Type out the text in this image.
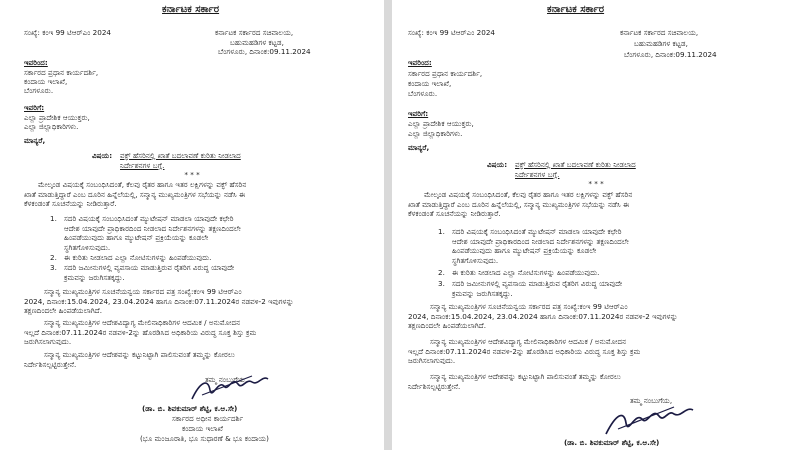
ಕರ್ನಾಟಕ ಸರ್ಕಾರ
ಸಂಖ್ಯೆ: ಕಂಇ 99 ಟಿಆರ್‌ಎಂ 2024	ಕರ್ನಾಟಕ ಸರ್ಕಾರದ ಸಚಿವಾಲಯ,
ಬಹುಮಹಡಿಗಳ ಕಟ್ಟಡ,
ಬೆಂಗಳೂರು, ದಿನಾಂಕ:09.11.2024
ಇವರಿಂದ:
ಸರ್ಕಾರದ ಪ್ರಧಾನ ಕಾರ್ಯದರ್ಶಿ,
ಕಂದಾಯ ಇಲಾಖೆ,
ಬೆಂಗಳೂರು.
ಇವರಿಗೆ:
ಎಲ್ಲಾ ಪ್ರಾದೇಶಿಕ ಆಯುಕ್ತರು,
ಎಲ್ಲಾ ಜಿಲ್ಲಾಧಿಕಾರಿಗಳು.
ಮಾನ್ಯರೆ,
ವಿಷಯ: ವಕ್ಫ್ ಹೆಸರಿನಲ್ಲಿ ಖಾತೆ ಬದಲಾವಣೆ ಕುರಿತು ನೀಡಲಾದ
ನಿರ್ದೇಶನಗಳ ಬಗ್ಗೆ.
* * *
ಮೇಲ್ಕಂಡ ವಿಷಯಕ್ಕೆ ಸಂಬಂಧಿಸಿದಂತೆ, ಕೆಲವು ರೈತರ ಹಾಗೂ ಇತರ ಲಕ್ಷಿಗಳನ್ನು ವಕ್ಫ್ ಹೆಸರಿನ
ಖಾತೆ ಮಾಡುತ್ತಿದ್ದಾರೆ ಎಂಬ ದೂರಿನ ಹಿನ್ನೆಲೆಯಲ್ಲಿ, ಸನ್ಮಾನ್ಯ ಮುಖ್ಯಮಂತ್ರಿಗಳ ಸಭೆಯನ್ನು ನಡೆಸಿ ಈ
ಕೆಳಕಂಡಂತೆ ಸೂಚನೆಯನ್ನು ನೀಡಿರುತ್ತಾರೆ.
1. ಸದರಿ ವಿಷಯಕ್ಕೆ ಸಂಬಂಧಿಸಿದಂತೆ ಮ್ಯುಟೇಷನ್ ಮಾಡಲಾ ಯಾವುದೇ ಕಛೇರಿ
ಆದೇಶ ಯಾವುದೇ ಪ್ರಾಧಿಕಾರದಿಂದ ನೀಡಲಾದ ನಿರ್ದೇಶನಗಳನ್ನು ತಕ್ಷಣದಿಂದಲೇ
ಹಿಂಪಡೆಯುವುದು ಹಾಗೂ ಮ್ಯುಟೇಷನ್ ಪ್ರಕ್ರಿಯೆಯನ್ನು ಕೂಡಲೇ
ಸ್ಥಗಿತಗೊಳಿಸುವುದು.
2. ಈ ಕುರಿತು ನೀಡಲಾದ ಎಲ್ಲಾ ನೋಟಿಸುಗಳನ್ನು ಹಿಂಪಡೆಯುವುದು.
3. ಸದರಿ ಜಮೀನುಗಳಲ್ಲಿ ವ್ಯವಸಾಯ ಮಾಡುತ್ತಿರುವ ರೈತರಿಗ ವಿರುದ್ಧ ಯಾವುದೇ
ಕ್ರಮವನ್ನು ಜರುಗಿಸತಕ್ಕದ್ದು.
ಸನ್ಮಾನ್ಯ ಮುಖ್ಯಮಂತ್ರಿಗಳ ಸೂಚನೆಯನ್ವಯ ಸರ್ಕಾರದ ಪತ್ರ ಸಂಖ್ಯೆ:ಕಂಇ 99 ಟಿಆರ್‌ಎಂ
2024, ದಿನಾಂಕ:15.04.2024, 23.04.2024 ಹಾಗೂ ದಿನಾಂಕ:07.11.2024ರ ನಡವಳಿ-2 ಇವುಗಳನ್ನು
ತಕ್ಷಣದಿಂದಲೇ ಹಿಂಪಡೆಯಲಾಗಿದೆ.
ಸನ್ಮಾನ್ಯ ಮುಖ್ಯಮಂತ್ರಿಗಳ ಆದೇಶವಿದ್ಯಾಗ್ಯ ಮೇಲಿನಾಧಿಕಾರಿಗಳ ಆದಮಿಕ / ಅನುಮೋದನ
ಇಲ್ಲದೆ ದಿನಾಂಕ:07.11.2024ರ ನಡವಳಿ-2ನ್ನು ಹೊರಡಿಸಿದ ಅಧಿಕಾರಿಯ ವಿರುದ್ಧ ಸೂಕ್ತ ಶಿಸ್ತು ಕ್ರಮ
ಜರುಗಿಸಲಾಗುವುದು.
ಸನ್ಮಾನ್ಯ ಮುಖ್ಯಮಂತ್ರಿಗಳ ಆದೇಶವನ್ನು ಕಟ್ಟುನಿಟ್ಟಾಗಿ ಪಾಲಿಸುವಂತೆ ತಮ್ಮನ್ನು ಕೋರಲು
ನಿರ್ದೇಶಿಸಲ್ಪಟ್ಟಿರುತ್ತೇನೆ.
ತಮ್ಮ ನಂಬುಗೆಯ,
(ಡಾ. ಬಿ. ಶಿವಕುಮಾರ್ ಶೆಟ್ಟಿ, ಕ.ಆ.ಸೇ)
ಸರ್ಕಾರದ ಅಧೀನ ಕಾರ್ಯದರ್ಶಿ
ಕಂದಾಯ ಇಲಾಖೆ
(ಭೂ ಮಂಜೂರಾತಿ, ಭೂ ಸುಧಾರಣೆ & ಭೂ ಕಂದಾಯ)
ಕರ್ನಾಟಕ ಸರ್ಕಾರ
ಸಂಖ್ಯೆ: ಕಂಇ 99 ಟಿಆರ್‌ಎಂ 2024	ಕರ್ನಾಟಕ ಸರ್ಕಾರದ ಸಚಿವಾಲಯ,
ಬಹುಮಹಡಿಗಳ ಕಟ್ಟಡ,
ಬೆಂಗಳೂರು, ದಿನಾಂಕ:09.11.2024
ಇವರಿಂದ:
ಸರ್ಕಾರದ ಪ್ರಧಾನ ಕಾರ್ಯದರ್ಶಿ,
ಕಂದಾಯ ಇಲಾಖೆ,
ಬೆಂಗಳೂರು.
ಇವರಿಗೆ:
ಎಲ್ಲಾ ಪ್ರಾದೇಶಿಕ ಆಯುಕ್ತರು,
ಎಲ್ಲಾ ಜಿಲ್ಲಾಧಿಕಾರಿಗಳು.
ಮಾನ್ಯರೆ,
ವಿಷಯ: ವಕ್ಫ್ ಹೆಸರಿನಲ್ಲಿ ಖಾತೆ ಬದಲಾವಣೆ ಕುರಿತು ನೀಡಲಾದ
ನಿರ್ದೇಶನಗಳ ಬಗ್ಗೆ.
* * *
ಮೇಲ್ಕಂಡ ವಿಷಯಕ್ಕೆ ಸಂಬಂಧಿಸಿದಂತೆ, ಕೆಲವು ರೈತರ ಹಾಗೂ ಇತರ ಲಕ್ಷಿಗಳನ್ನು ವಕ್ಫ್ ಹೆಸರಿನ
ಖಾತೆ ಮಾಡುತ್ತಿದ್ದಾರೆ ಎಂಬ ದೂರಿನ ಹಿನ್ನೆಲೆಯಲ್ಲಿ, ಸನ್ಮಾನ್ಯ ಮುಖ್ಯಮಂತ್ರಿಗಳ ಸಭೆಯನ್ನು ನಡೆಸಿ ಈ
ಕೆಳಕಂಡಂತೆ ಸೂಚನೆಯನ್ನು ನೀಡಿರುತ್ತಾರೆ.
1. ಸದರಿ ವಿಷಯಕ್ಕೆ ಸಂಬಂಧಿಸಿದಂತೆ ಮ್ಯುಟೇಷನ್ ಮಾಡಲಾ ಯಾವುದೇ ಕಛೇರಿ
ಆದೇಶ ಯಾವುದೇ ಪ್ರಾಧಿಕಾರದಿಂದ ನೀಡಲಾದ ನಿರ್ದೇಶನಗಳನ್ನು ತಕ್ಷಣದಿಂದಲೇ
ಹಿಂಪಡೆಯುವುದು ಹಾಗೂ ಮ್ಯುಟೇಷನ್ ಪ್ರಕ್ರಿಯೆಯನ್ನು ಕೂಡಲೇ
ಸ್ಥಗಿತಗೊಳಿಸುವುದು.
2. ಈ ಕುರಿತು ನೀಡಲಾದ ಎಲ್ಲಾ ನೋಟಿಸುಗಳನ್ನು ಹಿಂಪಡೆಯುವುದು.
3. ಸದರಿ ಜಮೀನುಗಳಲ್ಲಿ ವ್ಯವಸಾಯ ಮಾಡುತ್ತಿರುವ ರೈತರಿಗ ವಿರುದ್ಧ ಯಾವುದೇ
ಕ್ರಮವನ್ನು ಜರುಗಿಸತಕ್ಕದ್ದು.
ಸನ್ಮಾನ್ಯ ಮುಖ್ಯಮಂತ್ರಿಗಳ ಸೂಚನೆಯನ್ವಯ ಸರ್ಕಾರದ ಪತ್ರ ಸಂಖ್ಯೆ:ಕಂಇ 99 ಟಿಆರ್‌ಎಂ
2024, ದಿನಾಂಕ:15.04.2024, 23.04.2024 ಹಾಗೂ ದಿನಾಂಕ:07.11.2024ರ ನಡವಳಿ-2 ಇವುಗಳನ್ನು
ತಕ್ಷಣದಿಂದಲೇ ಹಿಂಪಡೆಯಲಾಗಿದೆ.
ಸನ್ಮಾನ್ಯ ಮುಖ್ಯಮಂತ್ರಿಗಳ ಆದೇಶವಿದ್ಯಾಗ್ಯ ಮೇಲಿನಾಧಿಕಾರಿಗಳ ಆದಮಿಕ / ಅನುಮೋದನ
ಇಲ್ಲದೆ ದಿನಾಂಕ:07.11.2024ರ ನಡವಳಿ-2ನ್ನು ಹೊರಡಿಸಿದ ಅಧಿಕಾರಿಯ ವಿರುದ್ಧ ಸೂಕ್ತ ಶಿಸ್ತು ಕ್ರಮ
ಜರುಗಿಸಲಾಗುವುದು.
ಸನ್ಮಾನ್ಯ ಮುಖ್ಯಮಂತ್ರಿಗಳ ಆದೇಶವನ್ನು ಕಟ್ಟುನಿಟ್ಟಾಗಿ ಪಾಲಿಸುವಂತೆ ತಮ್ಮನ್ನು ಕೋರಲು
ನಿರ್ದೇಶಿಸಲ್ಪಟ್ಟಿರುತ್ತೇನೆ.
ತಮ್ಮ ನಂಬುಗೆಯ,
(ಡಾ. ಬಿ. ಶಿವಕುಮಾರ್ ಶೆಟ್ಟಿ, ಕ.ಆ.ಸೇ)
